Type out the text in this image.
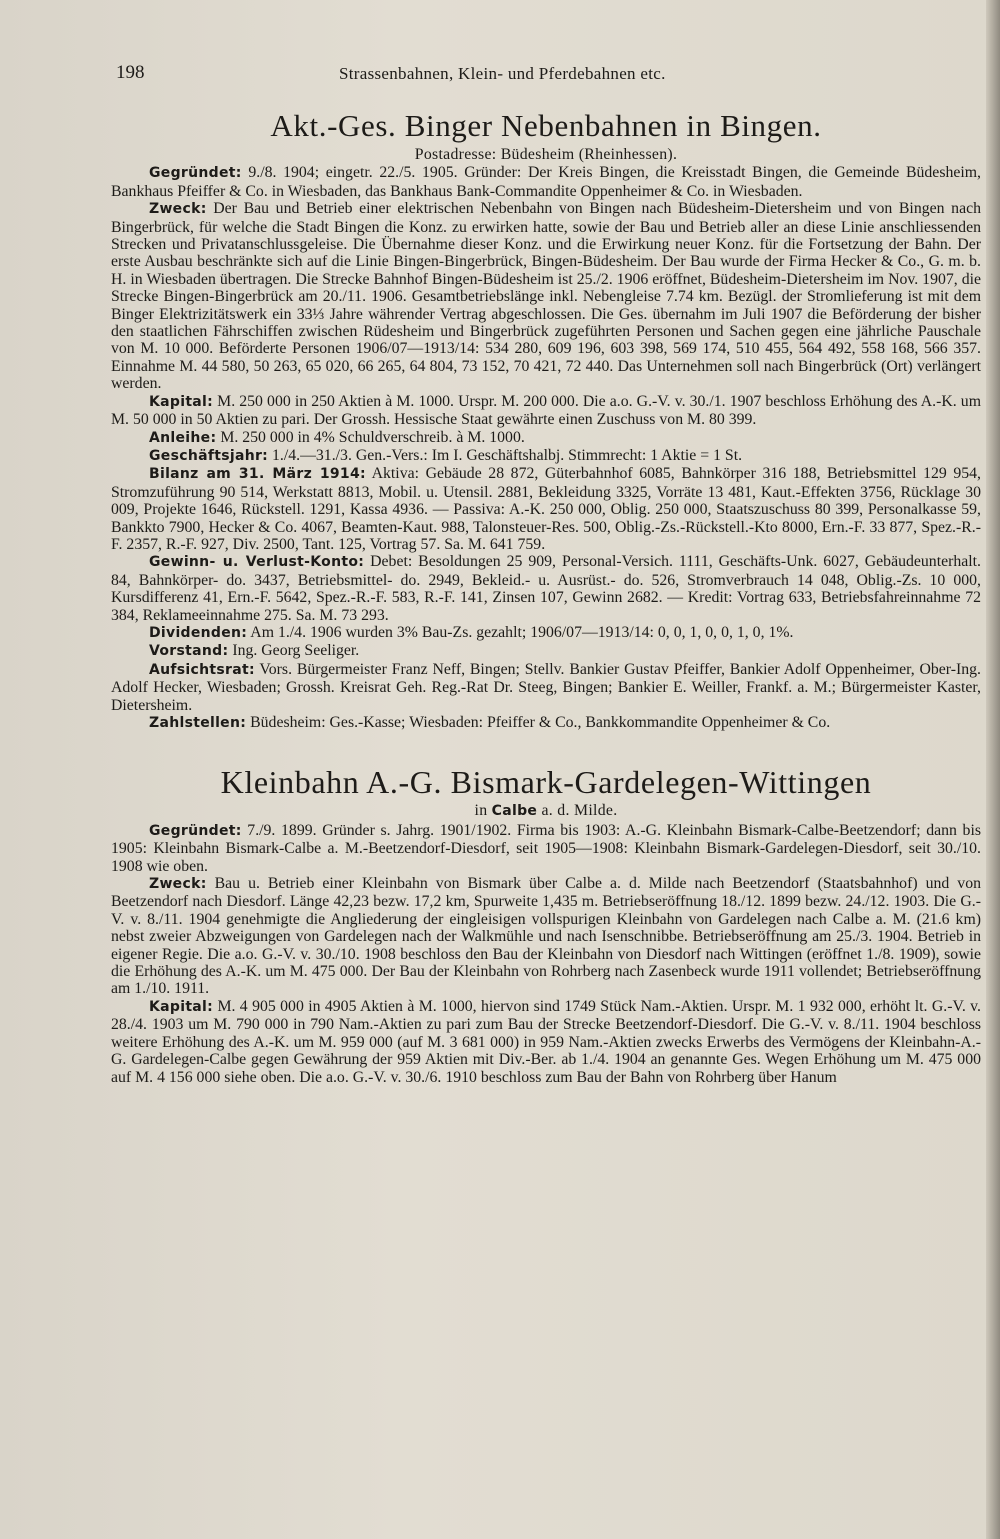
198	Strassenbahnen, Klein- und Pferdebahnen etc.
Akt.-Ges. Binger Nebenbahnen in Bingen.
Postadresse: Büdesheim (Rheinhessen).

Gegründet: 9./8. 1904; eingetr. 22./5. 1905. Gründer: Der Kreis Bingen, die Kreisstadt Bingen, die Gemeinde Büdesheim, Bankhaus Pfeiffer & Co. in Wiesbaden, das Bankhaus Bank-Commandite Oppenheimer & Co. in Wiesbaden.

Zweck: Der Bau und Betrieb einer elektrischen Nebenbahn von Bingen nach Büdesheim-Dietersheim und von Bingen nach Bingerbrück, für welche die Stadt Bingen die Konz. zu erwirken hatte, sowie der Bau und Betrieb aller an diese Linie anschliessenden Strecken und Privatanschlussgeleise. Die Übernahme dieser Konz. und die Erwirkung neuer Konz. für die Fortsetzung der Bahn. Der erste Ausbau beschränkte sich auf die Linie Bingen-Bingerbrück, Bingen-Büdesheim. Der Bau wurde der Firma Hecker & Co., G. m. b. H. in Wiesbaden übertragen. Die Strecke Bahnhof Bingen-Büdesheim ist 25./2. 1906 eröffnet, Büdesheim-Dietersheim im Nov. 1907, die Strecke Bingen-Bingerbrück am 20./11. 1906. Gesamtbetriebslänge inkl. Nebengleise 7.74 km. Bezügl. der Stromlieferung ist mit dem Binger Elektrizitätswerk ein 33⅓ Jahre währender Vertrag abgeschlossen. Die Ges. übernahm im Juli 1907 die Beförderung der bisher den staatlichen Fährschiffen zwischen Rüdesheim und Bingerbrück zugeführten Personen und Sachen gegen eine jährliche Pauschale von M. 10 000. Beförderte Personen 1906/07—1913/14: 534 280, 609 196, 603 398, 569 174, 510 455, 564 492, 558 168, 566 357. Einnahme M. 44 580, 50 263, 65 020, 66 265, 64 804, 73 152, 70 421, 72 440. Das Unternehmen soll nach Bingerbrück (Ort) verlängert werden.

Kapital: M. 250 000 in 250 Aktien à M. 1000. Urspr. M. 200 000. Die a.o. G.-V. v. 30./1. 1907 beschloss Erhöhung des A.-K. um M. 50 000 in 50 Aktien zu pari. Der Grossh. Hessische Staat gewährte einen Zuschuss von M. 80 399.

Anleihe: M. 250 000 in 4% Schuldverschreib. à M. 1000.

Geschäftsjahr: 1./4.—31./3. Gen.-Vers.: Im I. Geschäftshalbj. Stimmrecht: 1 Aktie = 1 St.

Bilanz am 31. März 1914: Aktiva: Gebäude 28 872, Güterbahnhof 6085, Bahnkörper 316 188, Betriebsmittel 129 954, Stromzuführung 90 514, Werkstatt 8813, Mobil. u. Utensil. 2881, Bekleidung 3325, Vorräte 13 481, Kaut.-Effekten 3756, Rücklage 30 009, Projekte 1646, Rückstell. 1291, Kassa 4936. — Passiva: A.-K. 250 000, Oblig. 250 000, Staatszuschuss 80 399, Personalkasse 59, Bankkto 7900, Hecker & Co. 4067, Beamten-Kaut. 988, Talonsteuer-Res. 500, Oblig.-Zs.-Rückstell.-Kto 8000, Ern.-F. 33 877, Spez.-R.-F. 2357, R.-F. 927, Div. 2500, Tant. 125, Vortrag 57. Sa. M. 641 759.

Gewinn- u. Verlust-Konto: Debet: Besoldungen 25 909, Personal-Versich. 1111, Geschäfts-Unk. 6027, Gebäudeunterhalt. 84, Bahnkörper- do. 3437, Betriebsmittel- do. 2949, Bekleid.- u. Ausrüst.- do. 526, Stromverbrauch 14 048, Oblig.-Zs. 10 000, Kursdifferenz 41, Ern.-F. 5642, Spez.-R.-F. 583, R.-F. 141, Zinsen 107, Gewinn 2682. — Kredit: Vortrag 633, Betriebsfahreinnahme 72 384, Reklameeinnahme 275. Sa. M. 73 293.

Dividenden: Am 1./4. 1906 wurden 3% Bau-Zs. gezahlt; 1906/07—1913/14: 0, 0, 1, 0, 0, 1, 0, 1%.

Vorstand: Ing. Georg Seeliger.

Aufsichtsrat: Vors. Bürgermeister Franz Neff, Bingen; Stellv. Bankier Gustav Pfeiffer, Bankier Adolf Oppenheimer, Ober-Ing. Adolf Hecker, Wiesbaden; Grossh. Kreisrat Geh. Reg.-Rat Dr. Steeg, Bingen; Bankier E. Weiller, Frankf. a. M.; Bürgermeister Kaster, Dietersheim.

Zahlstellen: Büdesheim: Ges.-Kasse; Wiesbaden: Pfeiffer & Co., Bankkommandite Oppenheimer & Co.

Kleinbahn A.-G. Bismark-Gardelegen-Wittingen
in Calbe a. d. Milde.

Gegründet: 7./9. 1899. Gründer s. Jahrg. 1901/1902. Firma bis 1903: A.-G. Kleinbahn Bismark-Calbe-Beetzendorf; dann bis 1905: Kleinbahn Bismark-Calbe a. M.-Beetzendorf-Diesdorf, seit 1905—1908: Kleinbahn Bismark-Gardelegen-Diesdorf, seit 30./10. 1908 wie oben.

Zweck: Bau u. Betrieb einer Kleinbahn von Bismark über Calbe a. d. Milde nach Beetzendorf (Staatsbahnhof) und von Beetzendorf nach Diesdorf. Länge 42,23 bezw. 17,2 km, Spurweite 1,435 m. Betriebseröffnung 18./12. 1899 bezw. 24./12. 1903. Die G.-V. v. 8./11. 1904 genehmigte die Angliederung der eingleisigen vollspurigen Kleinbahn von Gardelegen nach Calbe a. M. (21.6 km) nebst zweier Abzweigungen von Gardelegen nach der Walkmühle und nach Isenschnibbe. Betriebseröffnung am 25./3. 1904. Betrieb in eigener Regie. Die a.o. G.-V. v. 30./10. 1908 beschloss den Bau der Kleinbahn von Diesdorf nach Wittingen (eröffnet 1./8. 1909), sowie die Erhöhung des A.-K. um M. 475 000. Der Bau der Kleinbahn von Rohrberg nach Zasenbeck wurde 1911 vollendet; Betriebseröffnung am 1./10. 1911.

Kapital: M. 4 905 000 in 4905 Aktien à M. 1000, hiervon sind 1749 Stück Nam.-Aktien. Urspr. M. 1 932 000, erhöht lt. G.-V. v. 28./4. 1903 um M. 790 000 in 790 Nam.-Aktien zu pari zum Bau der Strecke Beetzendorf-Diesdorf. Die G.-V. v. 8./11. 1904 beschloss weitere Erhöhung des A.-K. um M. 959 000 (auf M. 3 681 000) in 959 Nam.-Aktien zwecks Erwerbs des Vermögens der Kleinbahn-A.-G. Gardelegen-Calbe gegen Gewährung der 959 Aktien mit Div.-Ber. ab 1./4. 1904 an genannte Ges. Wegen Erhöhung um M. 475 000 auf M. 4 156 000 siehe oben. Die a.o. G.-V. v. 30./6. 1910 beschloss zum Bau der Bahn von Rohrberg über Hanum
